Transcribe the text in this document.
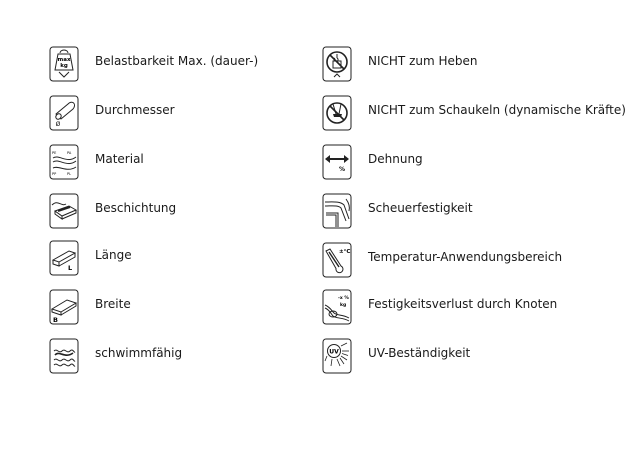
max
kg Belastbarkeit Max. (dauer-)
Ø
Durchmesser
PE	PA
PP	PL
Material
Beschichtung
L
Länge
B
Breite
schwimmfähig
NICHT zum Heben
NICHT zum Schaukeln (dynamische Kräfte)
%
Dehnung
Scheuerfestigkeit
±°C Temperatur-Anwendungsbereich
-x %
kg Festigkeitsverlust durch Knoten
UV UV-Beständigkeit
